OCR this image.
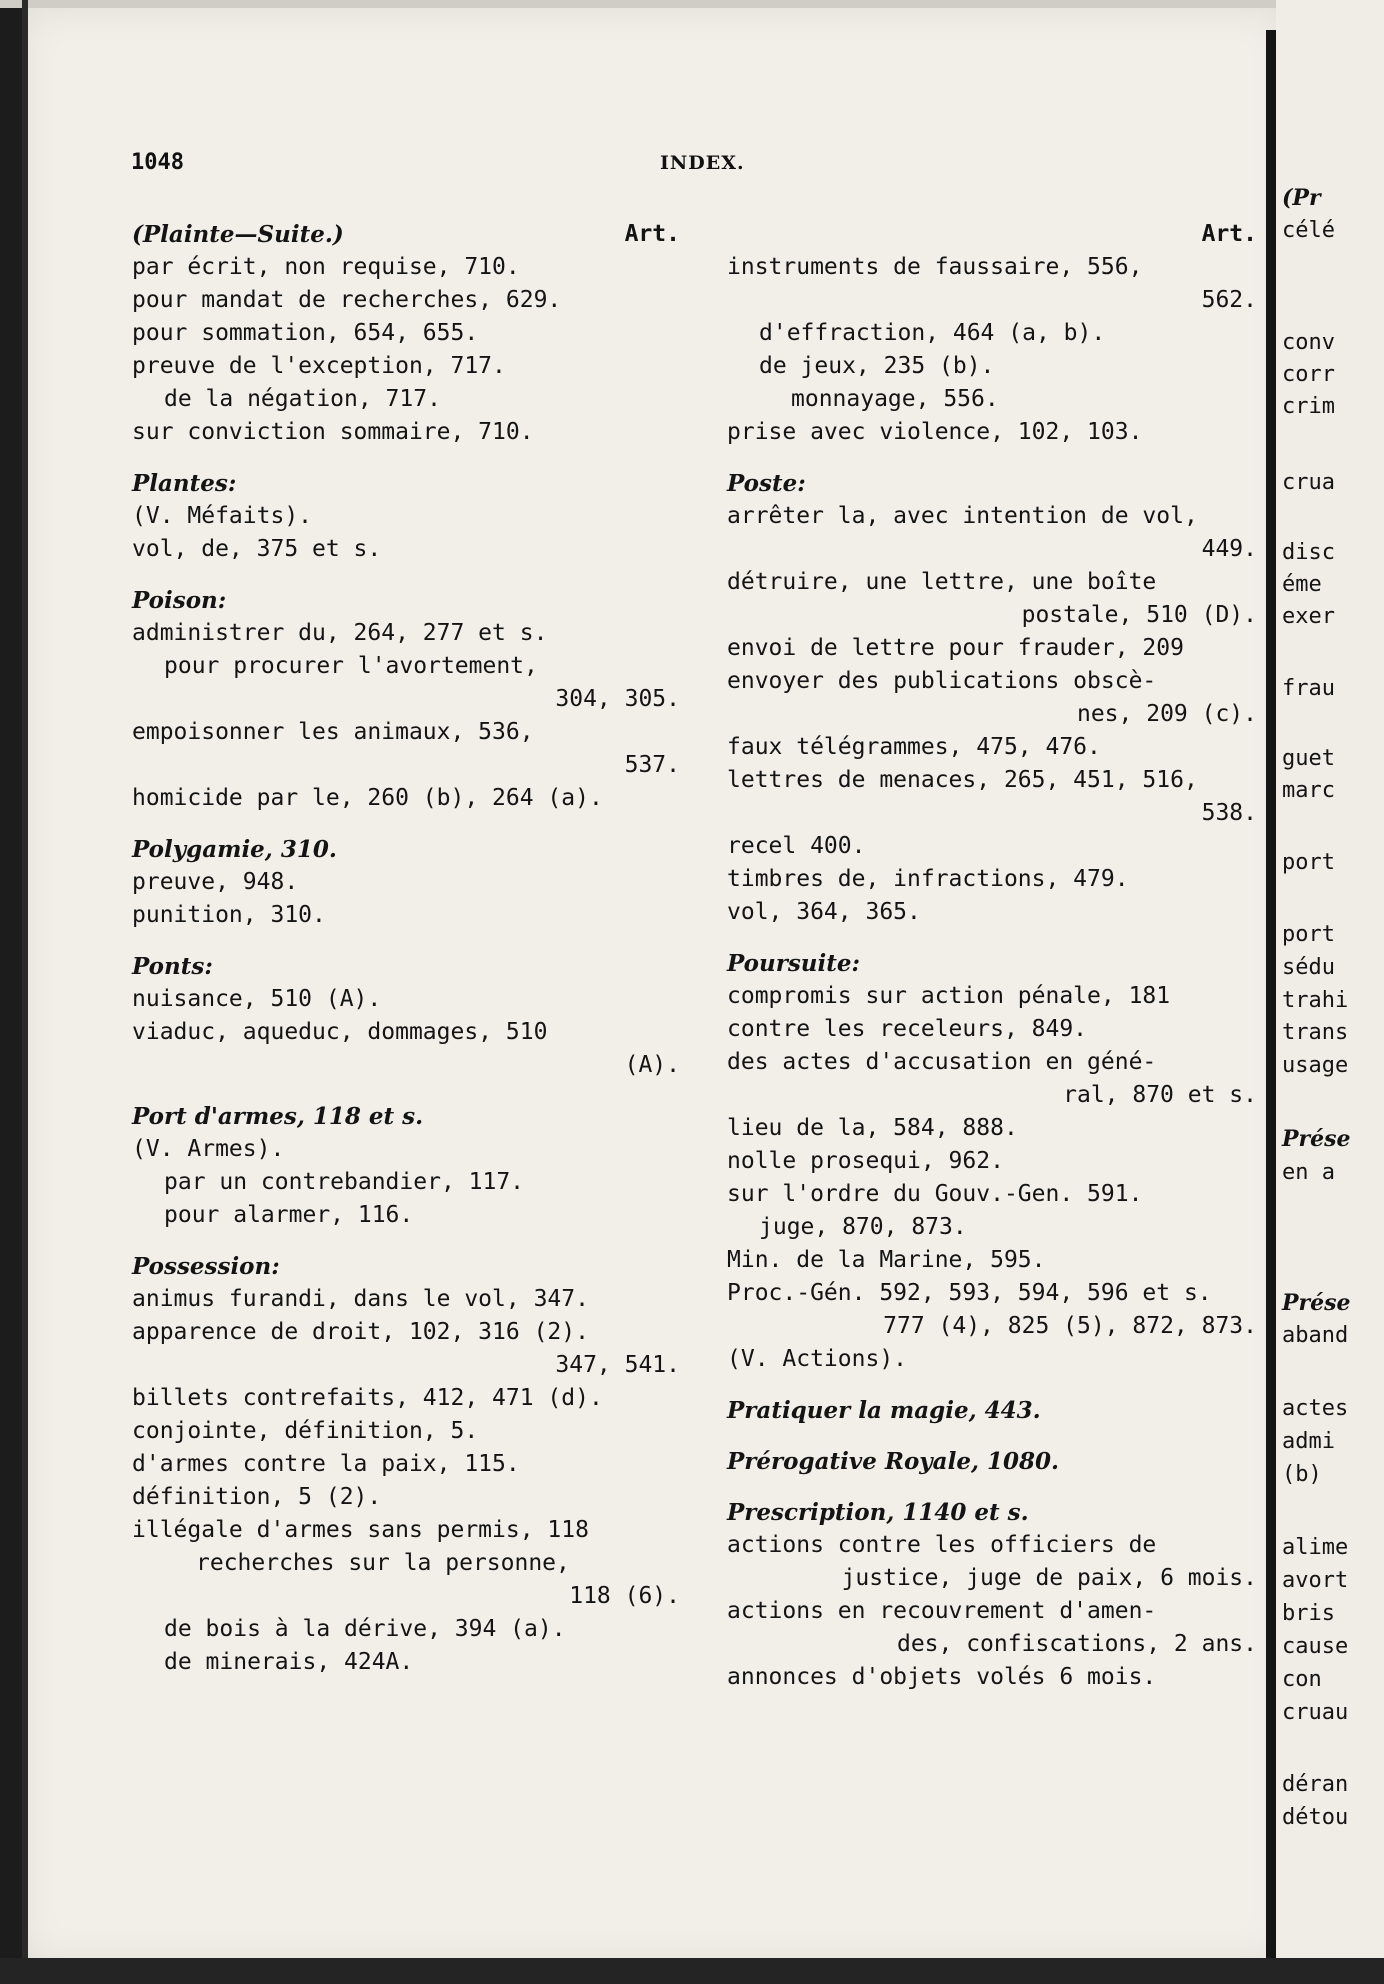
(Pr
célé
conv
corr
crim
crua
disc
éme
exer
frau
guet
marc
port
port
sédu
trahi
trans
usage
Prése
en a
Prése
aband
actes
admi
(b)
alime
avort
bris
cause
con
cruau
déran
détou
1048	INDEX.
(Plainte—Suite.)	Art.
par écrit, non requise, 710.
pour mandat de recherches, 629.
pour sommation, 654, 655.
preuve de l'exception, 717.
de la négation, 717.
sur conviction sommaire, 710.
Plantes:
(V. Méfaits).
vol, de, 375 et s.
Poison:
administrer du, 264, 277 et s.
pour procurer l'avortement,
304, 305.
empoisonner les animaux, 536,
537.
homicide par le, 260 (b), 264 (a).
Polygamie, 310.
preuve, 948.
punition, 310.
Ponts:
nuisance, 510 (A).
viaduc, aqueduc, dommages, 510
(A).
Port d'armes, 118 et s.
(V. Armes).
par un contrebandier, 117.
pour alarmer, 116.
Possession:
animus furandi, dans le vol, 347.
apparence de droit, 102, 316 (2).
347, 541.
billets contrefaits, 412, 471 (d).
conjointe, définition, 5.
d'armes contre la paix, 115.
définition, 5 (2).
illégale d'armes sans permis, 118
recherches sur la personne,
118 (6).
de bois à la dérive, 394 (a).
de minerais, 424A.
Art.
instruments de faussaire, 556,
562.
d'effraction, 464 (a, b).
de jeux, 235 (b).
monnayage, 556.
prise avec violence, 102, 103.
Poste:
arrêter la, avec intention de vol,
449.
détruire, une lettre, une boîte
postale, 510 (D).
envoi de lettre pour frauder, 209
envoyer des publications obscè-
nes, 209 (c).
faux télégrammes, 475, 476.
lettres de menaces, 265, 451, 516,
538.
recel 400.
timbres de, infractions, 479.
vol, 364, 365.
Poursuite:
compromis sur action pénale, 181
contre les receleurs, 849.
des actes d'accusation en géné-
ral, 870 et s.
lieu de la, 584, 888.
nolle prosequi, 962.
sur l'ordre du Gouv.-Gen. 591.
juge, 870, 873.
Min. de la Marine, 595.
Proc.-Gén. 592, 593, 594, 596 et s.
777 (4), 825 (5), 872, 873.
(V. Actions).
Pratiquer la magie, 443.
Prérogative Royale, 1080.
Prescription, 1140 et s.
actions contre les officiers de
justice, juge de paix, 6 mois.
actions en recouvrement d'amen-
des, confiscations, 2 ans.
annonces d'objets volés 6 mois.
